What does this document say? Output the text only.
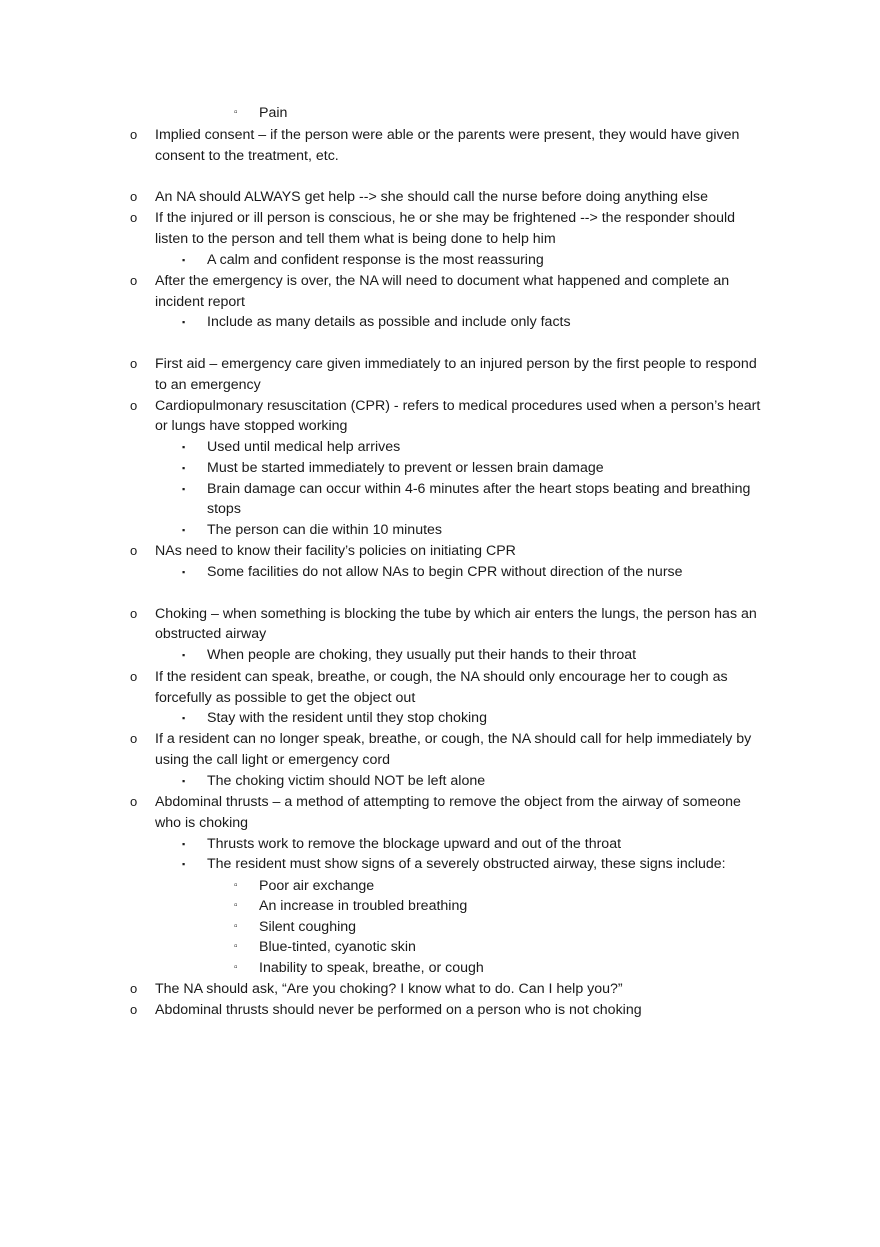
▫ Pain
o Implied consent – if the person were able or the parents were present, they would have given
consent to the treatment, etc.
o An NA should ALWAYS get help --> she should call the nurse before doing anything else
o If the injured or ill person is conscious, he or she may be frightened --> the responder should
listen to the person and tell them what is being done to help him
▪ A calm and confident response is the most reassuring
o After the emergency is over, the NA will need to document what happened and complete an
incident report
▪ Include as many details as possible and include only facts
o First aid – emergency care given immediately to an injured person by the first people to respond
to an emergency
o Cardiopulmonary resuscitation (CPR) - refers to medical procedures used when a person’s heart
or lungs have stopped working
▪ Used until medical help arrives
▪ Must be started immediately to prevent or lessen brain damage
▪ Brain damage can occur within 4-6 minutes after the heart stops beating and breathing
stops
▪ The person can die within 10 minutes
o NAs need to know their facility’s policies on initiating CPR
▪ Some facilities do not allow NAs to begin CPR without direction of the nurse
o Choking – when something is blocking the tube by which air enters the lungs, the person has an
obstructed airway
▪ When people are choking, they usually put their hands to their throat
o If the resident can speak, breathe, or cough, the NA should only encourage her to cough as
forcefully as possible to get the object out
▪ Stay with the resident until they stop choking
o If a resident can no longer speak, breathe, or cough, the NA should call for help immediately by
using the call light or emergency cord
▪ The choking victim should NOT be left alone
o Abdominal thrusts – a method of attempting to remove the object from the airway of someone
who is choking
▪ Thrusts work to remove the blockage upward and out of the throat
▪ The resident must show signs of a severely obstructed airway, these signs include:
▫ Poor air exchange
▫ An increase in troubled breathing
▫ Silent coughing
▫ Blue-tinted, cyanotic skin
▫ Inability to speak, breathe, or cough
o The NA should ask, “Are you choking? I know what to do. Can I help you?”
o Abdominal thrusts should never be performed on a person who is not choking
